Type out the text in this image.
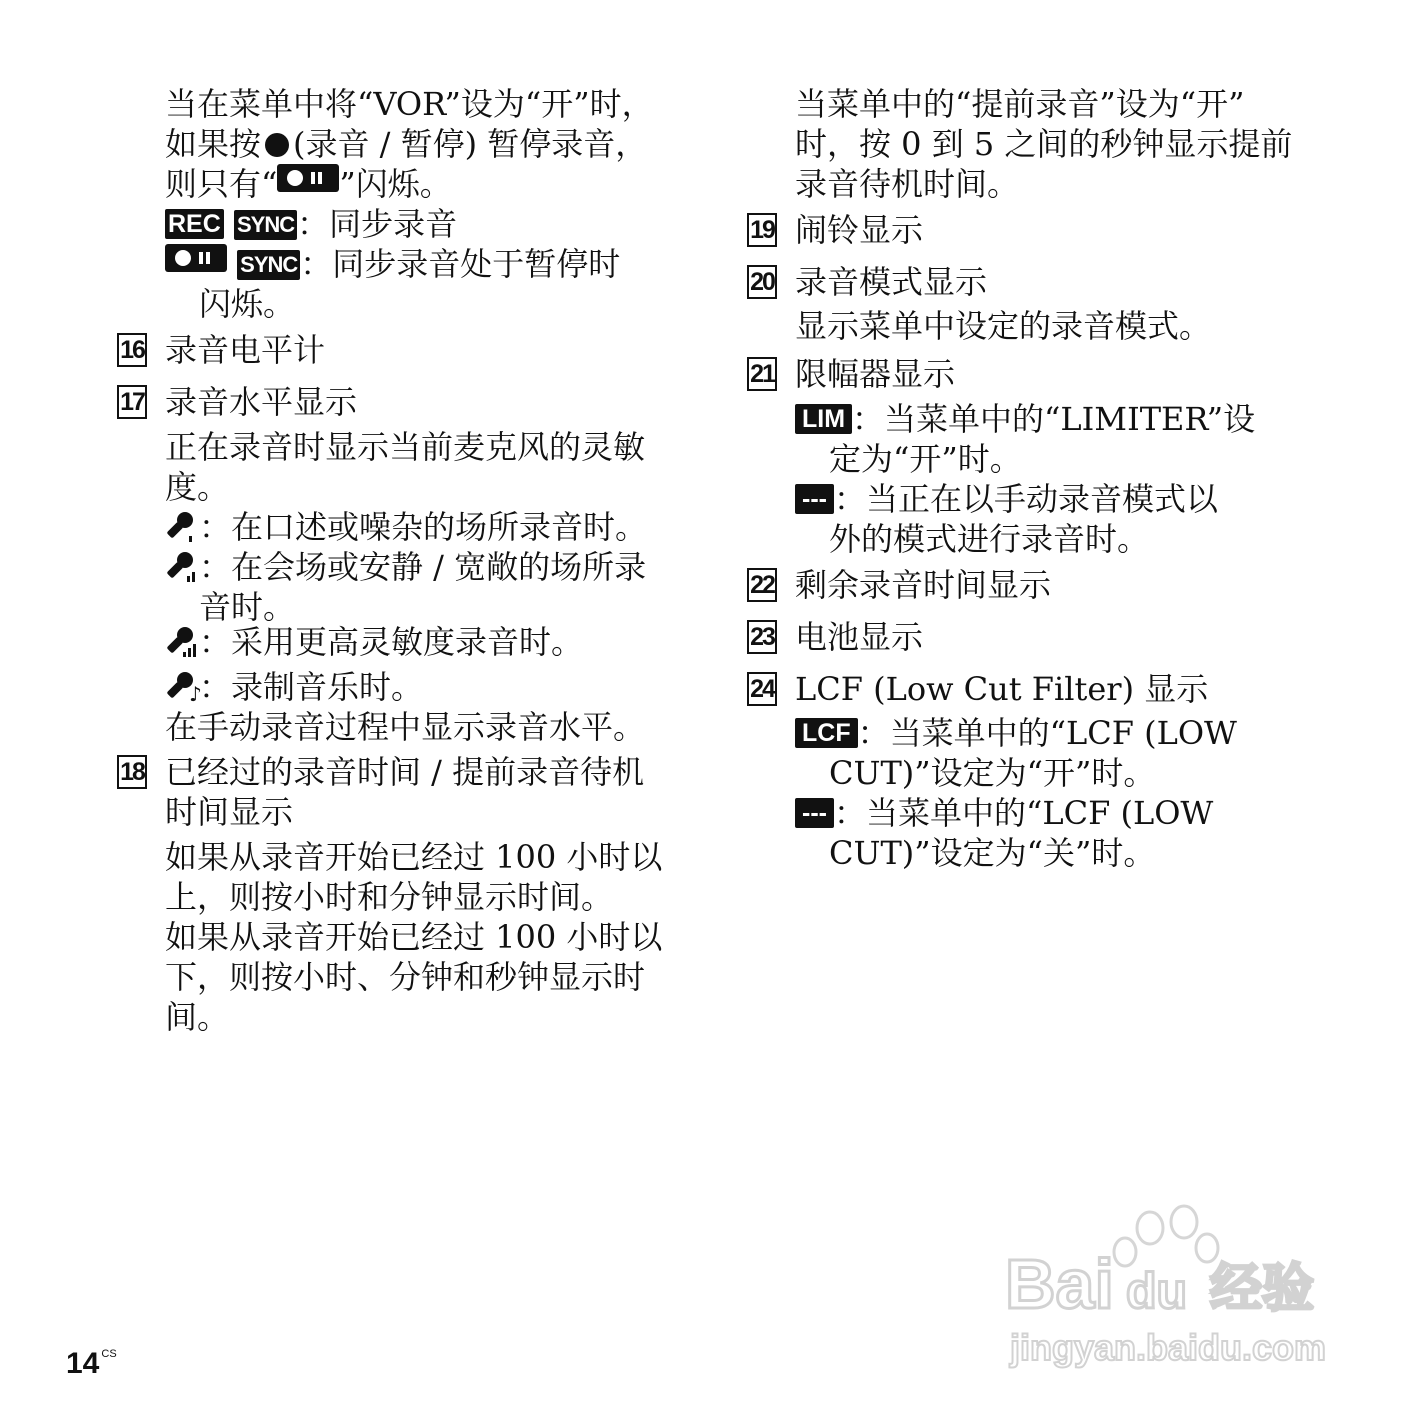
当在菜单中将“VOR”设为“开”时，
如果按 (录音 / 暂停) 暂停录音，
则只有“ ”闪烁。
REC SYNC：同步录音
SYNC：同步录音处于暂停时
闪烁。
16 录音电平计
17 录音水平显示
正在录音时显示当前麦克风的灵敏
度。
：在口述或噪杂的场所录音时。
：在会场或安静 / 宽敞的场所录
音时。
：采用更高灵敏度录音时。
♪
：录制音乐时。
在手动录音过程中显示录音水平。
18 已经过的录音时间 / 提前录音待机
时间显示
如果从录音开始已经过 100 小时以
上，则按小时和分钟显示时间。
如果从录音开始已经过 100 小时以
下，则按小时、分钟和秒钟显示时
间。
当菜单中的“提前录音”设为“开”
时，按 0 到 5 之间的秒钟显示提前
录音待机时间。
19 闹铃显示
20 录音模式显示
显示菜单中设定的录音模式。
21 限幅器显示
LIM ：当菜单中的“LIMITER”设
定为“开”时。
--- ：当正在以手动录音模式以
外的模式进行录音时。
22 剩余录音时间显示
23 电池显示
24 LCF (Low Cut Filter) 显示
LCF ：当菜单中的“LCF (LOW
CUT)”设定为“开”时。
--- ：当菜单中的“LCF (LOW
CUT)”设定为“关”时。
14 $^{CS}$
Bai du 经验
jingyan.baidu.com
